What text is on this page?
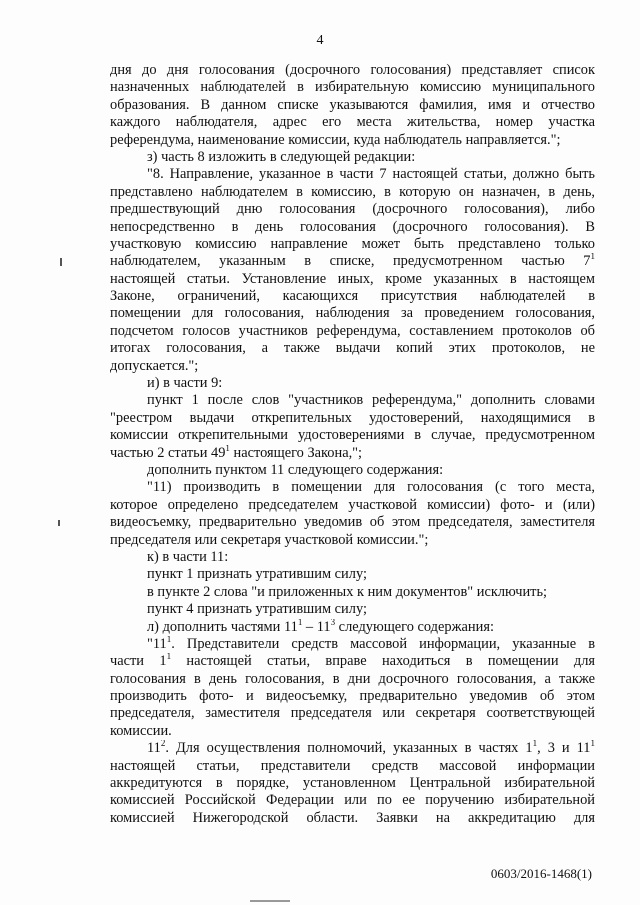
4
дня до дня голосования (досрочного голосования) представляет список
назначенных наблюдателей в избирательную комиссию муниципального
образования. В данном списке указываются фамилия, имя и отчество
каждого наблюдателя, адрес его места жительства, номер участка
референдума, наименование комиссии, куда наблюдатель направляется.";
з) часть 8 изложить в следующей редакции:
"8. Направление, указанное в части 7 настоящей статьи, должно быть
представлено наблюдателем в комиссию, в которую он назначен, в день,
предшествующий дню голосования (досрочного голосования), либо
непосредственно в день голосования (досрочного голосования). В
участковую комиссию направление может быть представлено только
наблюдателем, указанным в списке, предусмотренном частью $7^1$
настоящей статьи. Установление иных, кроме указанных в настоящем
Законе, ограничений, касающихся присутствия наблюдателей в
помещении для голосования, наблюдения за проведением голосования,
подсчетом голосов участников референдума, составлением протоколов об
итогах голосования, а также выдачи копий этих протоколов, не
допускается.";
и) в части 9:
пункт 1 после слов "участников референдума," дополнить словами
"реестром выдачи открепительных удостоверений, находящимися в
комиссии открепительными удостоверениями в случае, предусмотренном
частью 2 статьи $49^1$ настоящего Закона,";
дополнить пунктом 11 следующего содержания:
"11) производить в помещении для голосования (с того места,
которое определено председателем участковой комиссии) фото- и (или)
видеосъемку, предварительно уведомив об этом председателя, заместителя
председателя или секретаря участковой комиссии.";
к) в части 11:
пункт 1 признать утратившим силу;
в пункте 2 слова "и приложенных к ним документов" исключить;
пункт 4 признать утратившим силу;
л) дополнить частями $11^1 - 11^3$ следующего содержания:
"$11^1$. Представители средств массовой информации, указанные в
части $1^1$ настоящей статьи, вправе находиться в помещении для
голосования в день голосования, в дни досрочного голосования, а также
производить фото- и видеосъемку, предварительно уведомив об этом
председателя, заместителя председателя или секретаря соответствующей
комиссии.
$11^2$. Для осуществления полномочий, указанных в частях $1^1$, 3 и $11^1$
настоящей статьи, представители средств массовой информации
аккредитуются в порядке, установленном Центральной избирательной
комиссией Российской Федерации или по ее поручению избирательной
комиссией Нижегородской области. Заявки на аккредитацию для
0603/2016-1468(1)
